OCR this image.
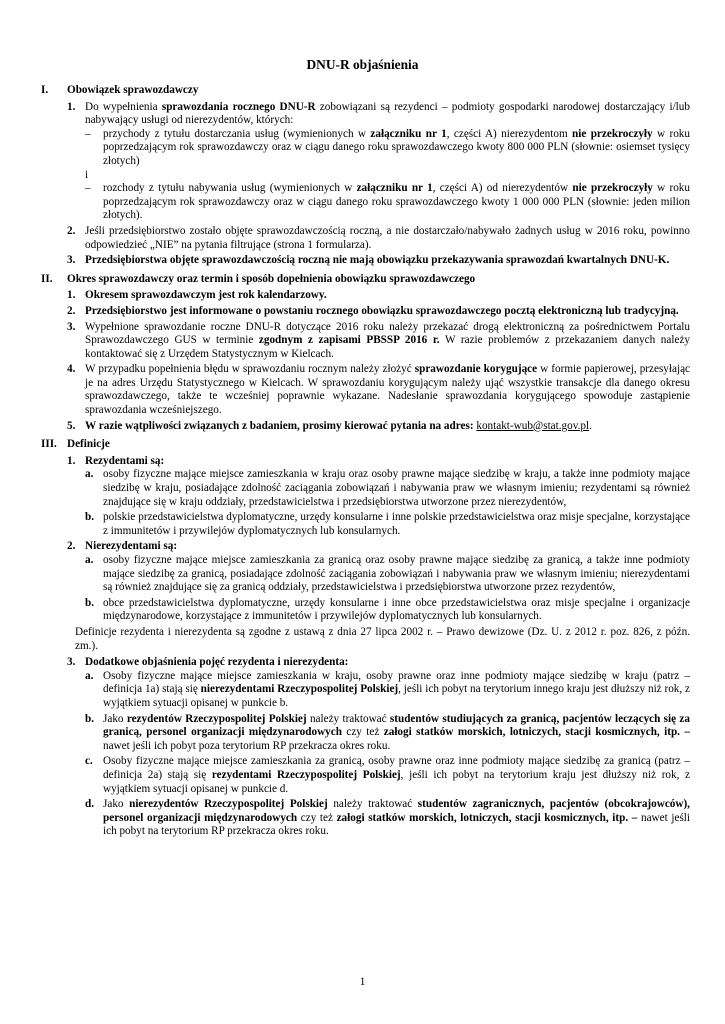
DNU-R objaśnienia
I. Obowiązek sprawozdawczy
1. Do wypełnienia sprawozdania rocznego DNU-R zobowiązani są rezydenci – podmioty gospodarki narodowej dostarczający i/lub nabywający usługi od nierezydentów, których:
– przychody z tytułu dostarczania usług (wymienionych w załączniku nr 1, części A) nierezydentom nie przekroczyły w roku poprzedzającym rok sprawozdawczy oraz w ciągu danego roku sprawozdawczego kwoty 800 000 PLN (słownie: osiemset tysięcy złotych)
i
– rozchody z tytułu nabywania usług (wymienionych w załączniku nr 1, części A) od nierezydentów nie przekroczyły w roku poprzedzającym rok sprawozdawczy oraz w ciągu danego roku sprawozdawczego kwoty 1 000 000 PLN (słownie: jeden milion złotych).
2. Jeśli przedsiębiorstwo zostało objęte sprawozdawczością roczną, a nie dostarczało/nabywało żadnych usług w 2016 roku, powinno odpowiedzieć „NIE” na pytania filtrujące (strona 1 formularza).
3. Przedsiębiorstwa objęte sprawozdawczością roczną nie mają obowiązku przekazywania sprawozdań kwartalnych DNU-K.
II. Okres sprawozdawczy oraz termin i sposób dopełnienia obowiązku sprawozdawczego
1. Okresem sprawozdawczym jest rok kalendarzowy.
2. Przedsiębiorstwo jest informowane o powstaniu rocznego obowiązku sprawozdawczego pocztą elektroniczną lub tradycyjną.
3. Wypełnione sprawozdanie roczne DNU-R dotyczące 2016 roku należy przekazać drogą elektroniczną za pośrednictwem Portalu Sprawozdawczego GUS w terminie zgodnym z zapisami PBSSP 2016 r. W razie problemów z przekazaniem danych należy kontaktować się z Urzędem Statystycznym w Kielcach.
4. W przypadku popełnienia błędu w sprawozdaniu rocznym należy złożyć sprawozdanie korygujące w formie papierowej, przesyłając je na adres Urzędu Statystycznego w Kielcach. W sprawozdaniu korygującym należy ująć wszystkie transakcje dla danego okresu sprawozdawczego, także te wcześniej poprawnie wykazane. Nadesłanie sprawozdania korygującego spowoduje zastąpienie sprawozdania wcześniejszego.
5. W razie wątpliwości związanych z badaniem, prosimy kierować pytania na adres: kontakt-wub@stat.gov.pl.
III. Definicje
1. Rezydentami są:
a. osoby fizyczne mające miejsce zamieszkania w kraju oraz osoby prawne mające siedzibę w kraju, a także inne podmioty mające siedzibę w kraju, posiadające zdolność zaciągania zobowiązań i nabywania praw we własnym imieniu; rezydentami są również znajdujące się w kraju oddziały, przedstawicielstwa i przedsiębiorstwa utworzone przez nierezydentów,
b. polskie przedstawicielstwa dyplomatyczne, urzędy konsularne i inne polskie przedstawicielstwa oraz misje specjalne, korzystające z immunitetów i przywilejów dyplomatycznych lub konsularnych.
2. Nierezydentami są:
a. osoby fizyczne mające miejsce zamieszkania za granicą oraz osoby prawne mające siedzibę za granicą, a także inne podmioty mające siedzibę za granicą, posiadające zdolność zaciągania zobowiązań i nabywania praw we własnym imieniu; nierezydentami są również znajdujące się za granicą oddziały, przedstawicielstwa i przedsiębiorstwa utworzone przez rezydentów,
b. obce przedstawicielstwa dyplomatyczne, urzędy konsularne i inne obce przedstawicielstwa oraz misje specjalne i organizacje międzynarodowe, korzystające z immunitetów i przywilejów dyplomatycznych lub konsularnych.
Definicje rezydenta i nierezydenta są zgodne z ustawą z dnia 27 lipca 2002 r. – Prawo dewizowe (Dz. U. z 2012 r. poz. 826, z późn. zm.).
3. Dodatkowe objaśnienia pojęć rezydenta i nierezydenta:
a. Osoby fizyczne mające miejsce zamieszkania w kraju, osoby prawne oraz inne podmioty mające siedzibę w kraju (patrz – definicja 1a) stają się nierezydentami Rzeczypospolitej Polskiej, jeśli ich pobyt na terytorium innego kraju jest dłuższy niż rok, z wyjątkiem sytuacji opisanej w punkcie b.
b. Jako rezydentów Rzeczypospolitej Polskiej należy traktować studentów studiujących za granicą, pacjentów leczących się za granicą, personel organizacji międzynarodowych czy też załogi statków morskich, lotniczych, stacji kosmicznych, itp. – nawet jeśli ich pobyt poza terytorium RP przekracza okres roku.
c. Osoby fizyczne mające miejsce zamieszkania za granicą, osoby prawne oraz inne podmioty mające siedzibę za granicą (patrz – definicja 2a) stają się rezydentami Rzeczypospolitej Polskiej, jeśli ich pobyt na terytorium kraju jest dłuższy niż rok, z wyjątkiem sytuacji opisanej w punkcie d.
d. Jako nierezydentów Rzeczypospolitej Polskiej należy traktować studentów zagranicznych, pacjentów (obcokrajowców), personel organizacji międzynarodowych czy też załogi statków morskich, lotniczych, stacji kosmicznych, itp. – nawet jeśli ich pobyt na terytorium RP przekracza okres roku.
1
